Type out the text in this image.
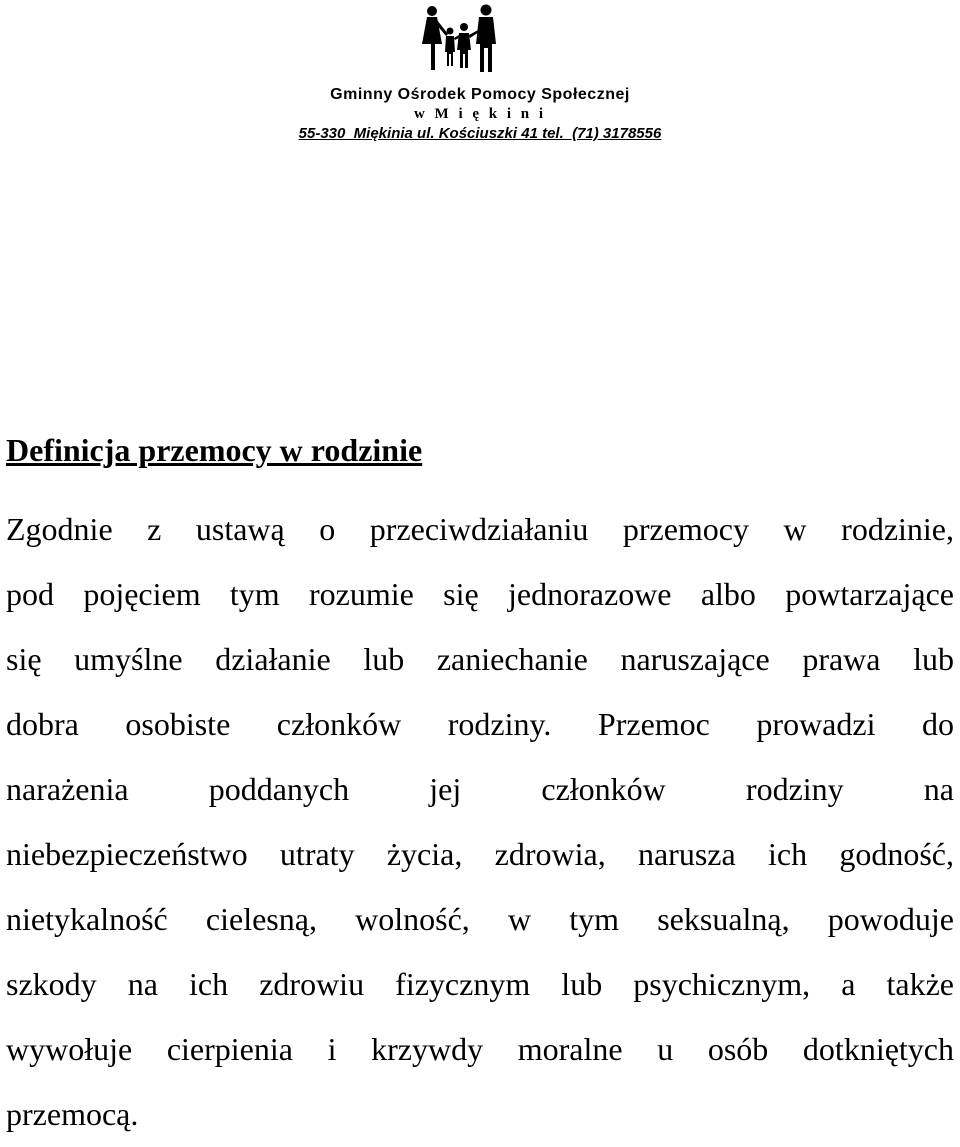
Gminny Ośrodek Pomocy Społecznej
w M i ę k i n i
55-330  Miękinia ul. Kościuszki 41 tel.  (71) 3178556
Definicja przemocy w rodzinie
Zgodnie z ustawą o przeciwdziałaniu przemocy w rodzinie,
pod pojęciem tym rozumie się jednorazowe albo powtarzające
się umyślne działanie lub zaniechanie naruszające prawa lub
dobra osobiste członków rodziny. Przemoc prowadzi do
narażenia poddanych jej członków rodziny na
niebezpieczeństwo utraty życia, zdrowia, narusza ich godność,
nietykalność cielesną, wolność, w tym seksualną, powoduje
szkody na ich zdrowiu fizycznym lub psychicznym, a także
wywołuje cierpienia i krzywdy moralne u osób dotkniętych
przemocą.
